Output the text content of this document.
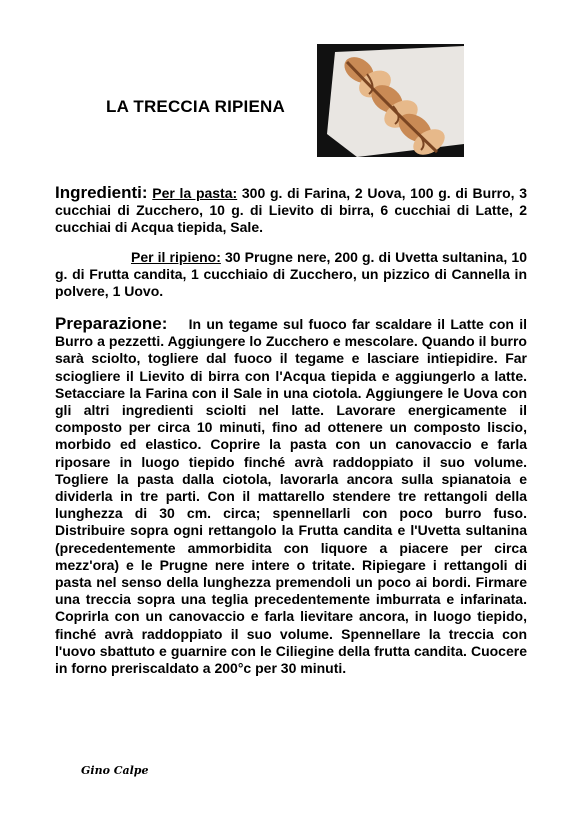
LA TRECCIA RIPIENA

Ingredienti: Per la pasta: 300 g. di Farina, 2 Uova, 100 g. di Burro, 3 cucchiai di Zucchero, 10 g. di Lievito di birra, 6 cucchiai di Latte, 2 cucchiai di Acqua tiepida, Sale.

Per il ripieno: 30 Prugne nere, 200 g. di Uvetta sultanina, 10 g. di Frutta candita, 1 cucchiaio di Zucchero, un pizzico di Cannella in polvere, 1 Uovo.

Preparazione: In un tegame sul fuoco far scaldare il Latte con il Burro a pezzetti. Aggiungere lo Zucchero e mescolare. Quando il burro sarà sciolto, togliere dal fuoco il tegame e lasciare intiepidire. Far sciogliere il Lievito di birra con l'Acqua tiepida e aggiungerlo a latte. Setacciare la Farina con il Sale in una ciotola. Aggiungere le Uova con gli altri ingredienti sciolti nel latte. Lavorare energicamente il composto per circa 10 minuti, fino ad ottenere un composto liscio, morbido ed elastico. Coprire la pasta con un canovaccio e farla riposare in luogo tiepido finché avrà raddoppiato il suo volume. Togliere la pasta dalla ciotola, lavorarla ancora sulla spianatoia e dividerla in tre parti. Con il mattarello stendere tre rettangoli della lunghezza di 30 cm. circa; spennellarli con poco burro fuso. Distribuire sopra ogni rettangolo la Frutta candita e l'Uvetta sultanina (precedentemente ammorbidita con liquore a piacere per circa mezz'ora) e le Prugne nere intere o tritate. Ripiegare i rettangoli di pasta nel senso della lunghezza premendoli un poco ai bordi. Firmare una treccia sopra una teglia precedentemente imburrata e infarinata. Coprirla con un canovaccio e farla lievitare ancora, in luogo tiepido, finché avrà raddoppiato il suo volume. Spennellare la treccia con l'uovo sbattuto e guarnire con le Ciliegine della frutta candita. Cuocere in forno preriscaldato a 200°c per 30 minuti.

Gino Calpe
